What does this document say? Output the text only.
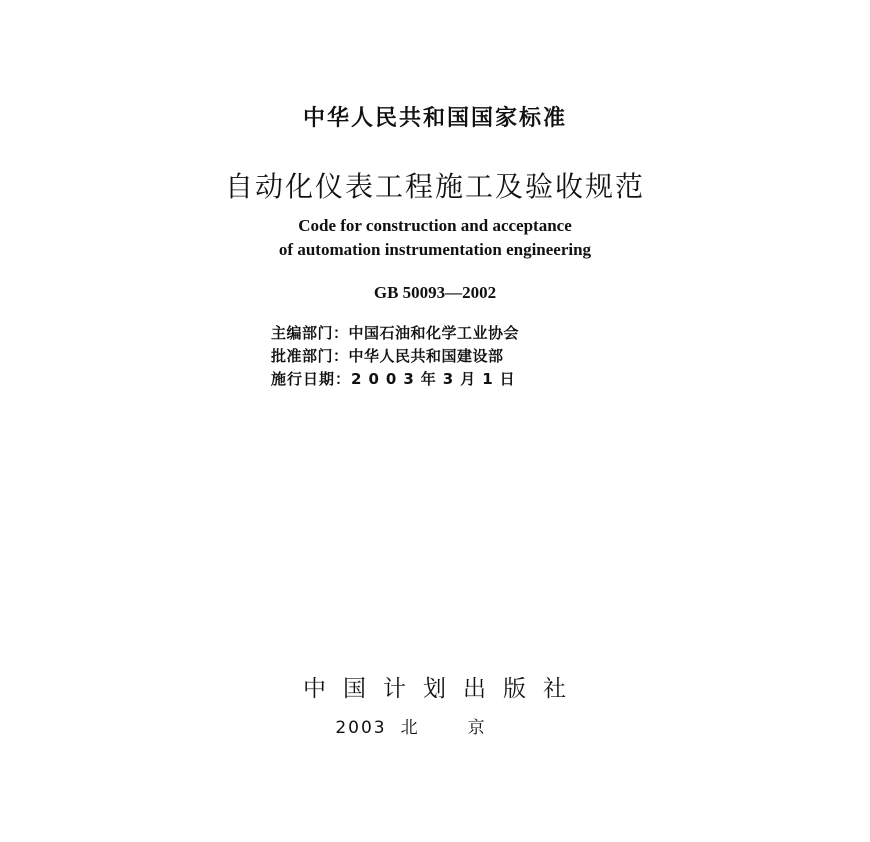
中华人民共和国国家标准
自动化仪表工程施工及验收规范
Code for construction and acceptance
of automation instrumentation engineering
GB 50093—2002
主编部门：中国石油和化学工业协会
批准部门：中华人民共和国建设部
施行日期：2003年3月1日
中国计划出版社
2003 北京
